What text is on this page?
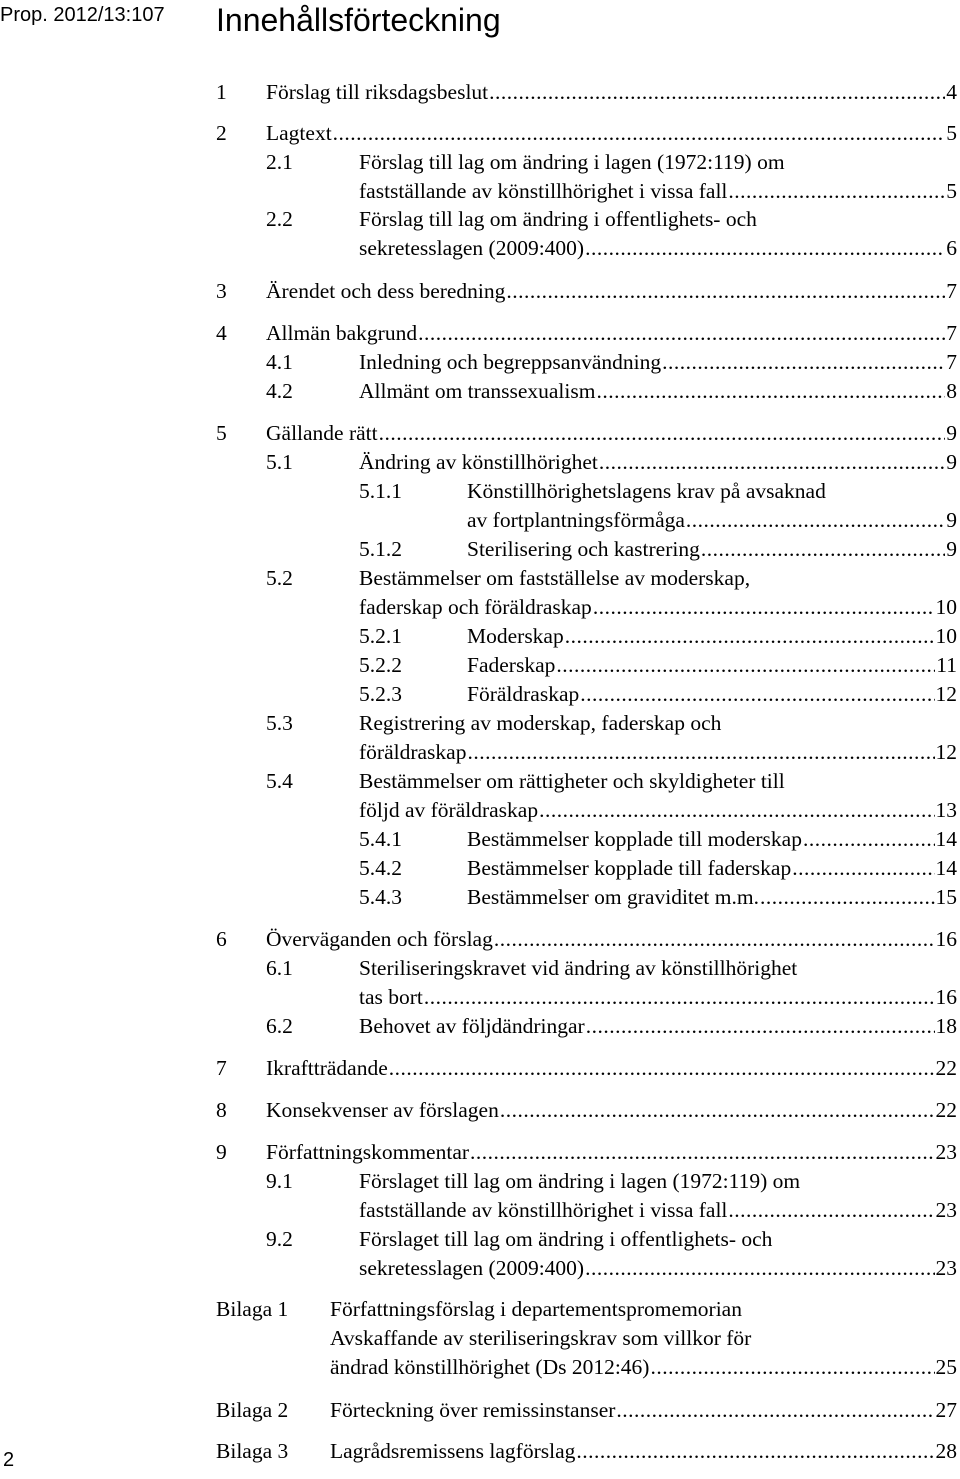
Prop. 2012/13:107 Innehållsförteckning
1 Förslag till riksdagsbeslut .....	4
2 Lagtext .....	5
2.1	Förslag till lag om ändring i lagen (1972:119) om
fastställande av könstillhörighet i vissa fall .....	5
2.2	Förslag till lag om ändring i offentlighets- och
sekretesslagen (2009:400) .....	6
3 Ärendet och dess beredning .....	7
4 Allmän bakgrund .....	7
4.1	Inledning och begreppsanvändning .....	7
4.2	Allmänt om transsexualism .....	8
5 Gällande rätt .....	9
5.1	Ändring av könstillhörighet .....	9
5.1.1	Könstillhörighetslagens krav på avsaknad
av fortplantningsförmåga .....	9
5.1.2	Sterilisering och kastrering .....	9
5.2	Bestämmelser om fastställelse av moderskap,
faderskap och föräldraskap .....	10
5.2.1	Moderskap .....	10
5.2.2	Faderskap .....	11
5.2.3	Föräldraskap .....	12
5.3	Registrering av moderskap, faderskap och
föräldraskap .....	12
5.4	Bestämmelser om rättigheter och skyldigheter till
följd av föräldraskap .....	13
5.4.1	Bestämmelser kopplade till moderskap .....	14
5.4.2	Bestämmelser kopplade till faderskap .....	14
5.4.3	Bestämmelser om graviditet m.m. .....	15
6 Överväganden och förslag .....	16
6.1	Steriliseringskravet vid ändring av könstillhörighet
tas bort .....	16
6.2	Behovet av följdändringar .....	18
7 Ikraftträdande .....	22
8 Konsekvenser av förslagen .....	22
9 Författningskommentar .....	23
9.1	Förslaget till lag om ändring i lagen (1972:119) om
fastställande av könstillhörighet i vissa fall .....	23
9.2	Förslaget till lag om ändring i offentlighets- och
sekretesslagen (2009:400) .....	23
Bilaga 1 Författningsförslag i departementspromemorian
Avskaffande av steriliseringskrav som villkor för
ändrad könstillhörighet (Ds 2012:46) .....	25
Bilaga 2 Förteckning över remissinstanser .....	27
Bilaga 3 Lagrådsremissens lagförslag .....	28
2
